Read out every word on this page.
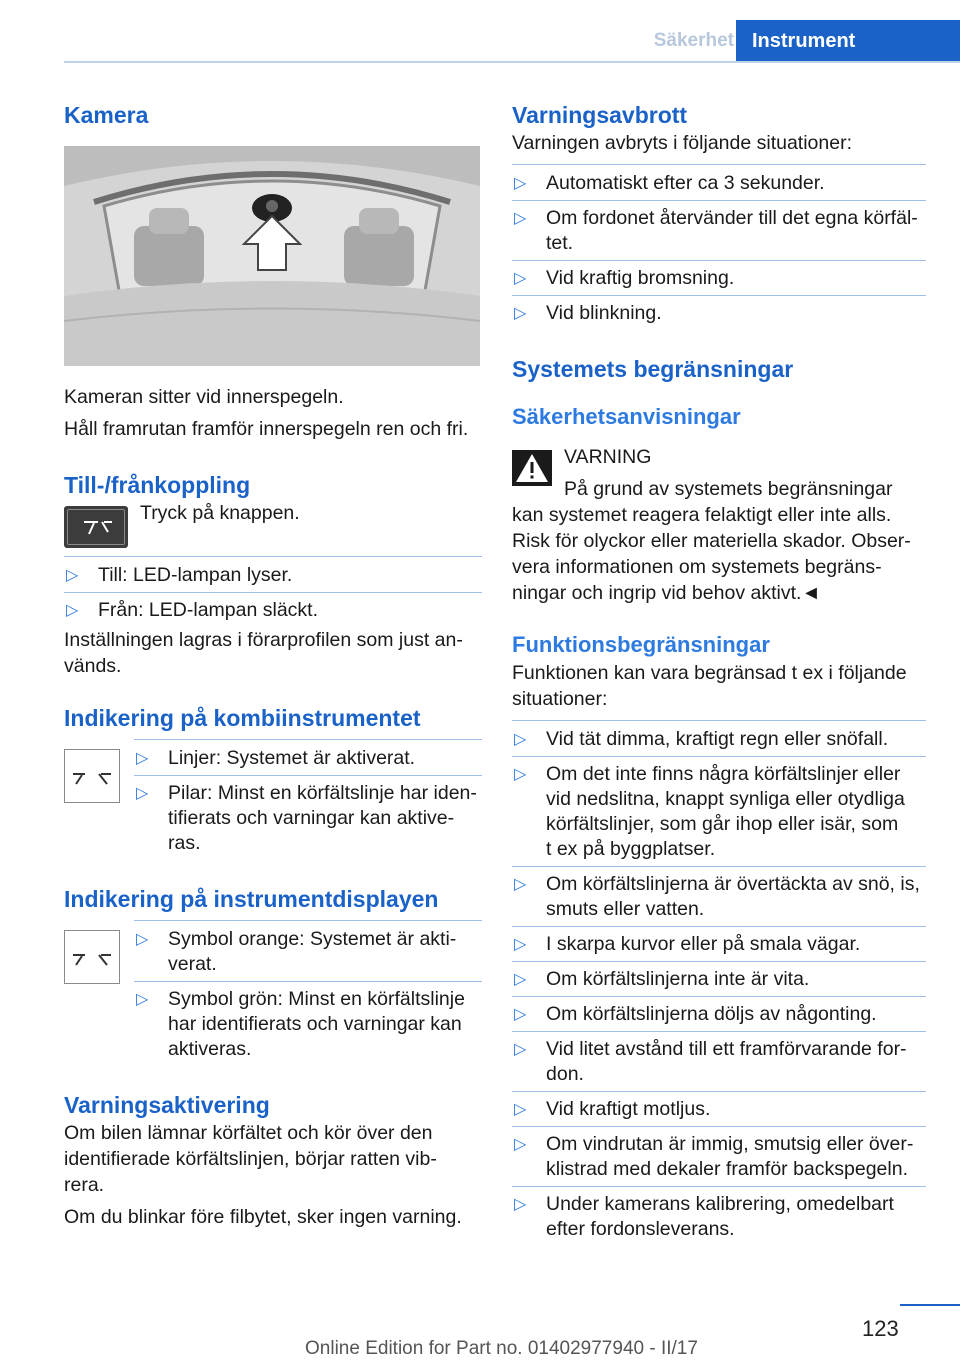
Säkerhet Instrument
Kamera

Kameran sitter vid innerspegeln.

Håll framrutan framför innerspegeln ren och fri.

Till-/frånkoppling

Tryck på knappen.

▷ Till: LED-lampan lyser.
▷ Från: LED-lampan släckt.

Inställningen lagras i förarprofilen som just an-
vänds.

Indikering på kombiinstrumentet
▷ Linjer: Systemet är aktiverat.
▷ Pilar: Minst en körfältslinje har iden-
tifierats och varningar kan aktive-
ras.
Indikering på instrumentdisplayen
▷ Symbol orange: Systemet är akti-
verat.
▷ Symbol grön: Minst en körfältslinje
har identifierats och varningar kan
aktiveras.
Varningsaktivering

Om bilen lämnar körfältet och kör över den
identifierade körfältslinjen, börjar ratten vib-
rera.

Om du blinkar före filbytet, sker ingen varning.

Varningsavbrott

Varningen avbryts i följande situationer:

▷ Automatiskt efter ca 3 sekunder.
▷ Om fordonet återvänder till det egna körfäl-
tet.
▷ Vid kraftig bromsning.
▷ Vid blinkning.
Systemets begränsningar
Säkerhetsanvisningar

VARNING

På grund av systemets begränsningar

kan systemet reagera felaktigt eller inte alls.
Risk för olyckor eller materiella skador. Obser-
vera informationen om systemets begräns-
ningar och ingrip vid behov aktivt.◄

Funktionsbegränsningar

Funktionen kan vara begränsad t ex i följande
situationer:

▷ Vid tät dimma, kraftigt regn eller snöfall.
▷ Om det inte finns några körfältslinjer eller
vid nedslitna, knappt synliga eller otydliga
körfältslinjer, som går ihop eller isär, som
t ex på byggplatser.
▷ Om körfältslinjerna är övertäckta av snö, is,
smuts eller vatten.
▷ I skarpa kurvor eller på smala vägar.
▷ Om körfältslinjerna inte är vita.
▷ Om körfältslinjerna döljs av någonting.
▷ Vid litet avstånd till ett framförvarande for-
don.
▷ Vid kraftigt motljus.
▷ Om vindrutan är immig, smutsig eller över-
klistrad med dekaler framför backspegeln.
▷ Under kamerans kalibrering, omedelbart
efter fordonsleverans.
123
Online Edition for Part no. 01402977940 - II/17
